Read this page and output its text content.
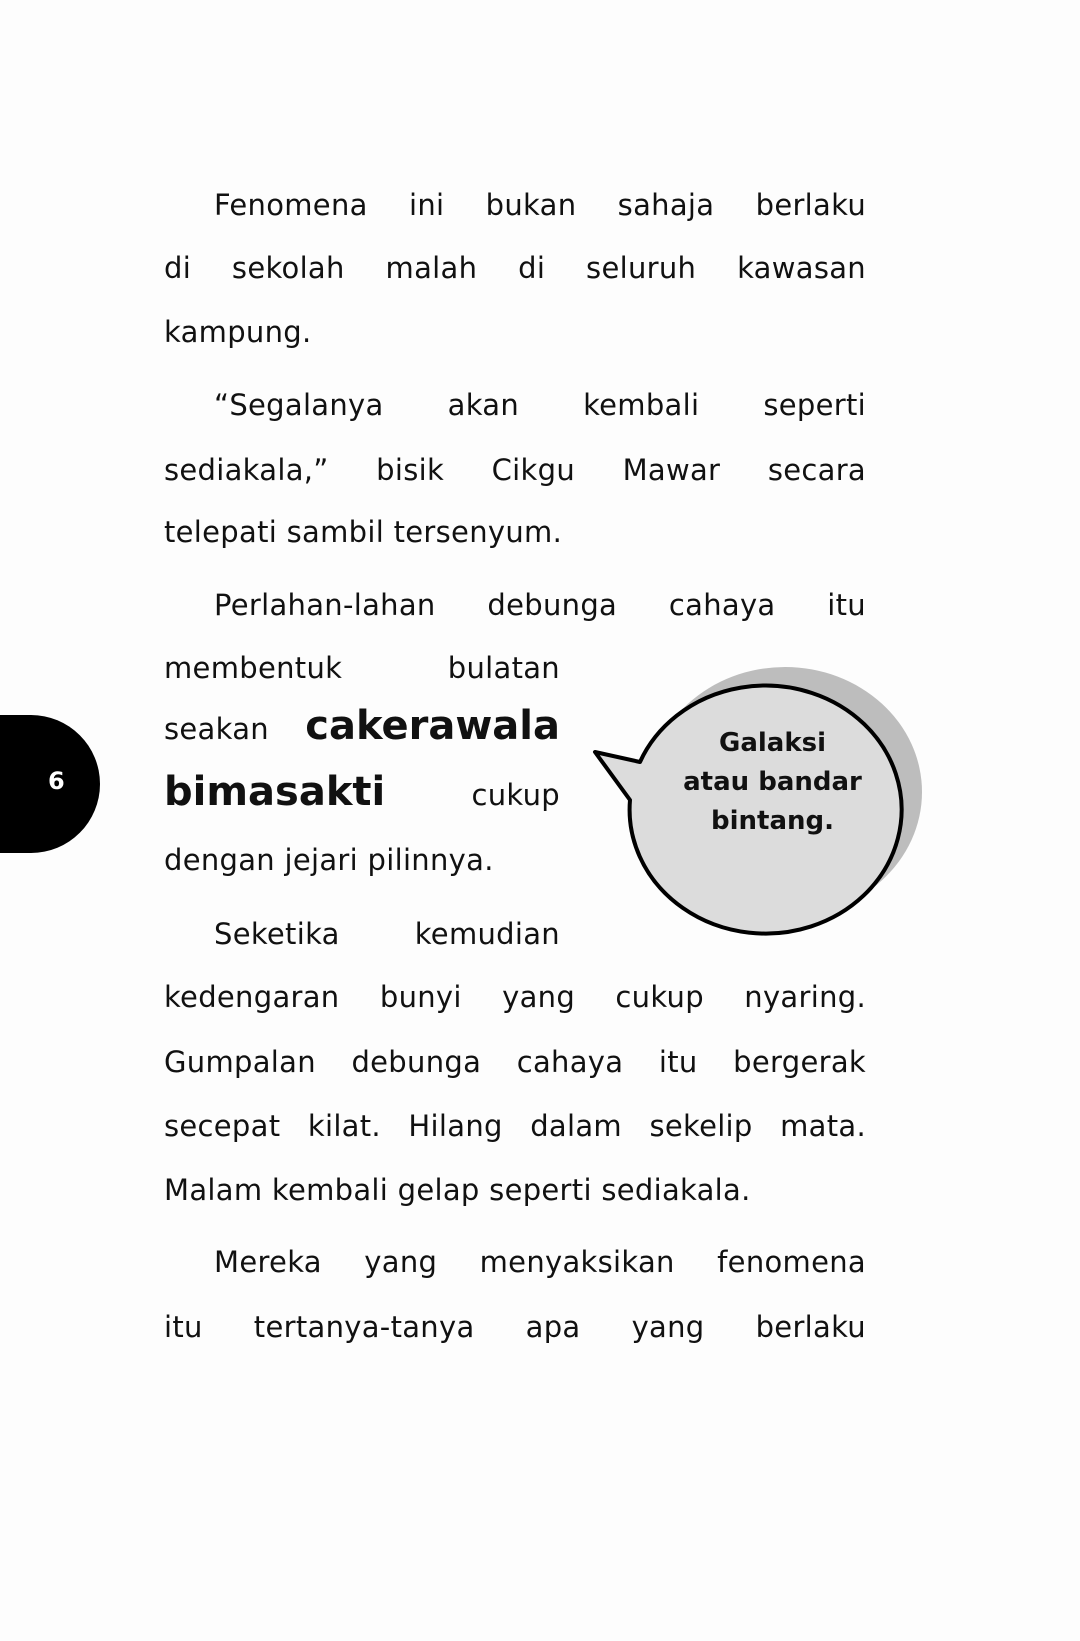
Fenomena ini bukan sahaja berlaku
di sekolah malah di seluruh kawasan
kampung.
“Segalanya akan kembali seperti
sediakala,” bisik Cikgu Mawar secara
telepati sambil tersenyum.
Perlahan-lahan debunga cahaya itu
membentuk bulatan
seakan cakerawala
bimasakti	cukup
dengan jejari pilinnya.
Seketika kemudian
kedengaran bunyi yang cukup nyaring.
Gumpalan debunga cahaya itu bergerak
secepat kilat. Hilang dalam sekelip mata.
Malam kembali gelap seperti sediakala.
Mereka yang menyaksikan fenomena
itu tertanya-tanya apa yang berlaku
6
Galaksi
atau bandar
bintang.
